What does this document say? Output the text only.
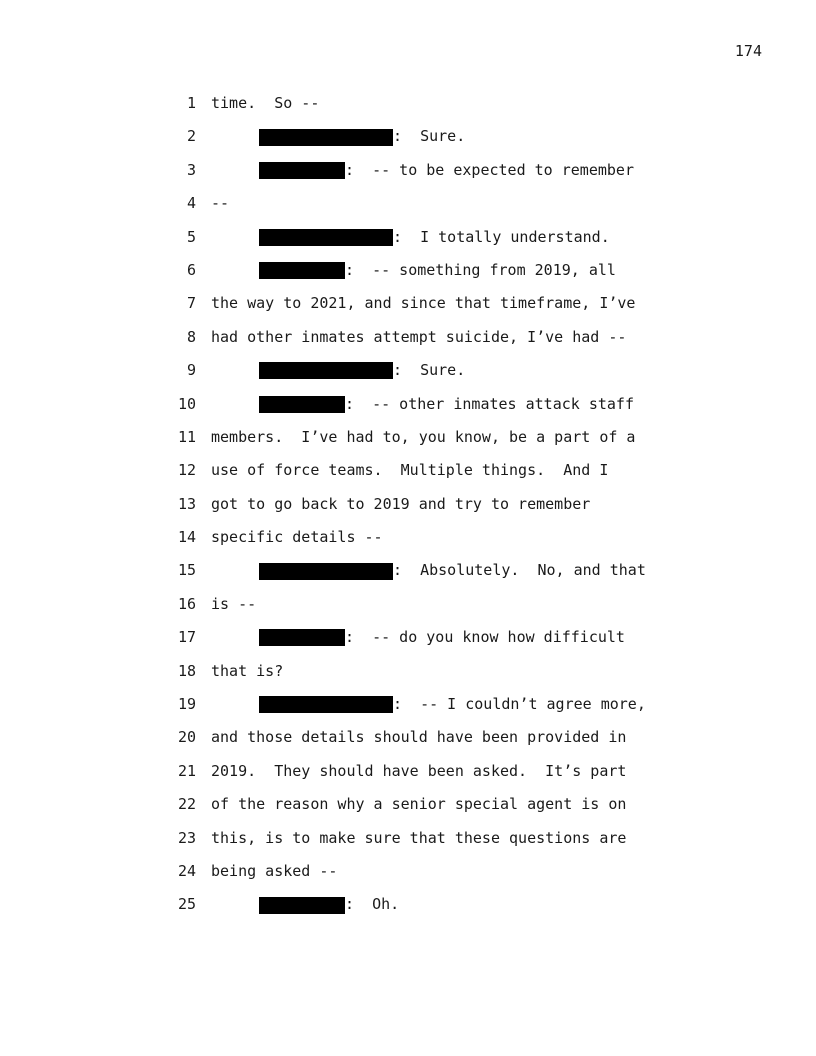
174
1 time.  So --
2	:  Sure.
3	:  -- to be expected to remember
4 --
5	:  I totally understand.
6	:  -- something from 2019, all
7 the way to 2021, and since that timeframe, I’ve
8 had other inmates attempt suicide, I’ve had --
9	:  Sure.
10	:  -- other inmates attack staff
11 members.  I’ve had to, you know, be a part of a
12 use of force teams.  Multiple things.  And I
13 got to go back to 2019 and try to remember
14 specific details --
15	:  Absolutely.  No, and that
16 is --
17	:  -- do you know how difficult
18 that is?
19	:  -- I couldn’t agree more,
20 and those details should have been provided in
21 2019.  They should have been asked.  It’s part
22 of the reason why a senior special agent is on
23 this, is to make sure that these questions are
24 being asked --
25	:  Oh.
